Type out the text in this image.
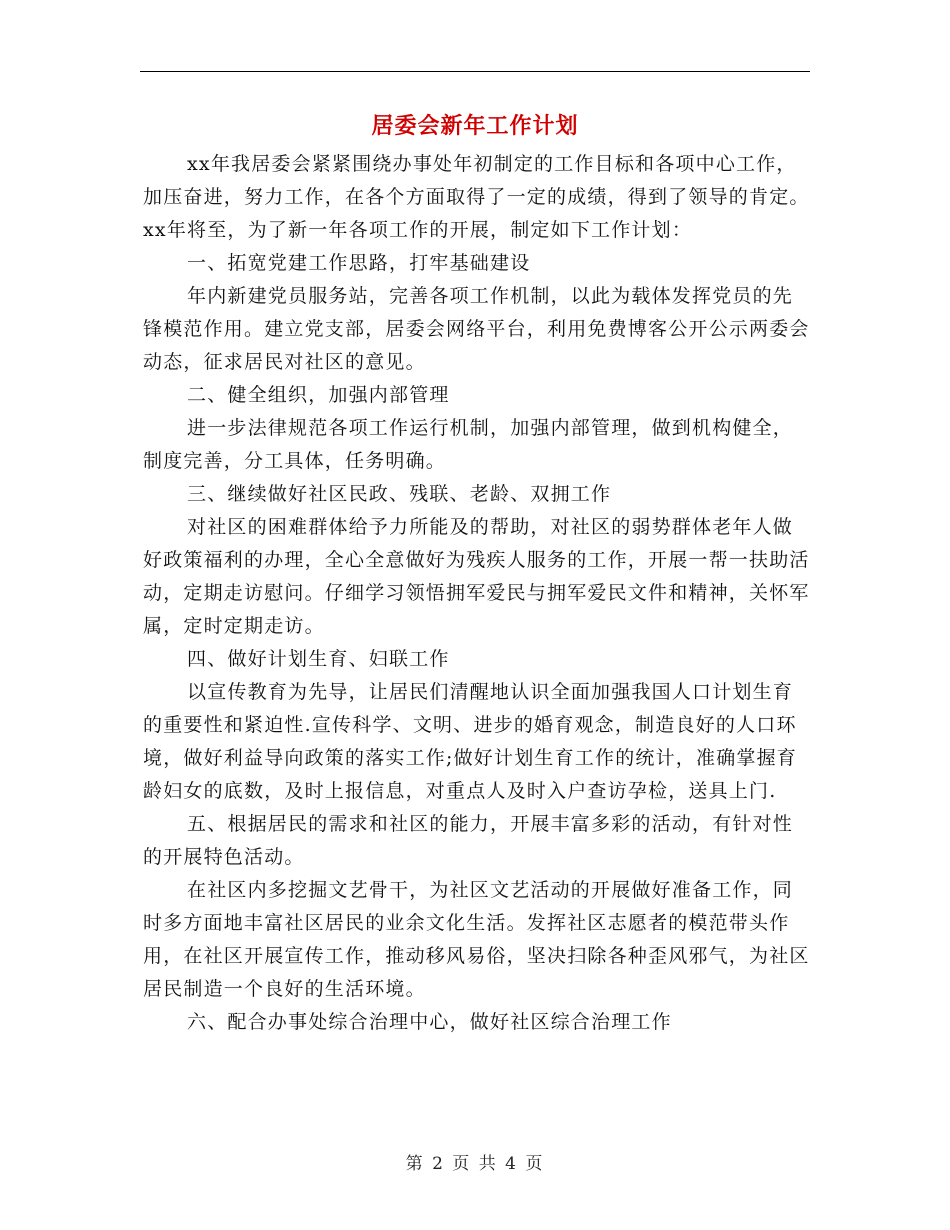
居委会新年工作计划

xx年我居委会紧紧围绕办事处年初制定的工作目标和各项中心工作，加压奋进，努力工作，在各个方面取得了一定的成绩，得到了领导的肯定。xx年将至，为了新一年各项工作的开展，制定如下工作计划：

一、拓宽党建工作思路，打牢基础建设

年内新建党员服务站，完善各项工作机制，以此为载体发挥党员的先锋模范作用。建立党支部，居委会网络平台，利用免费博客公开公示两委会动态，征求居民对社区的意见。

二、健全组织，加强内部管理

进一步法律规范各项工作运行机制，加强内部管理，做到机构健全，制度完善，分工具体，任务明确。

三、继续做好社区民政、残联、老龄、双拥工作

对社区的困难群体给予力所能及的帮助，对社区的弱势群体老年人做好政策福利的办理，全心全意做好为残疾人服务的工作，开展一帮一扶助活动，定期走访慰问。仔细学习领悟拥军爱民与拥军爱民文件和精神，关怀军属，定时定期走访。

四、做好计划生育、妇联工作

以宣传教育为先导，让居民们清醒地认识全面加强我国人口计划生育的重要性和紧迫性.宣传科学、文明、进步的婚育观念，制造良好的人口环境，做好利益导向政策的落实工作;做好计划生育工作的统计，准确掌握育龄妇女的底数，及时上报信息，对重点人及时入户查访孕检，送具上门.

五、根据居民的需求和社区的能力，开展丰富多彩的活动，有针对性的开展特色活动。

在社区内多挖掘文艺骨干，为社区文艺活动的开展做好准备工作，同时多方面地丰富社区居民的业余文化生活。发挥社区志愿者的模范带头作用，在社区开展宣传工作，推动移风易俗，坚决扫除各种歪风邪气，为社区居民制造一个良好的生活环境。

六、配合办事处综合治理中心，做好社区综合治理工作

第 2 页 共 4 页
